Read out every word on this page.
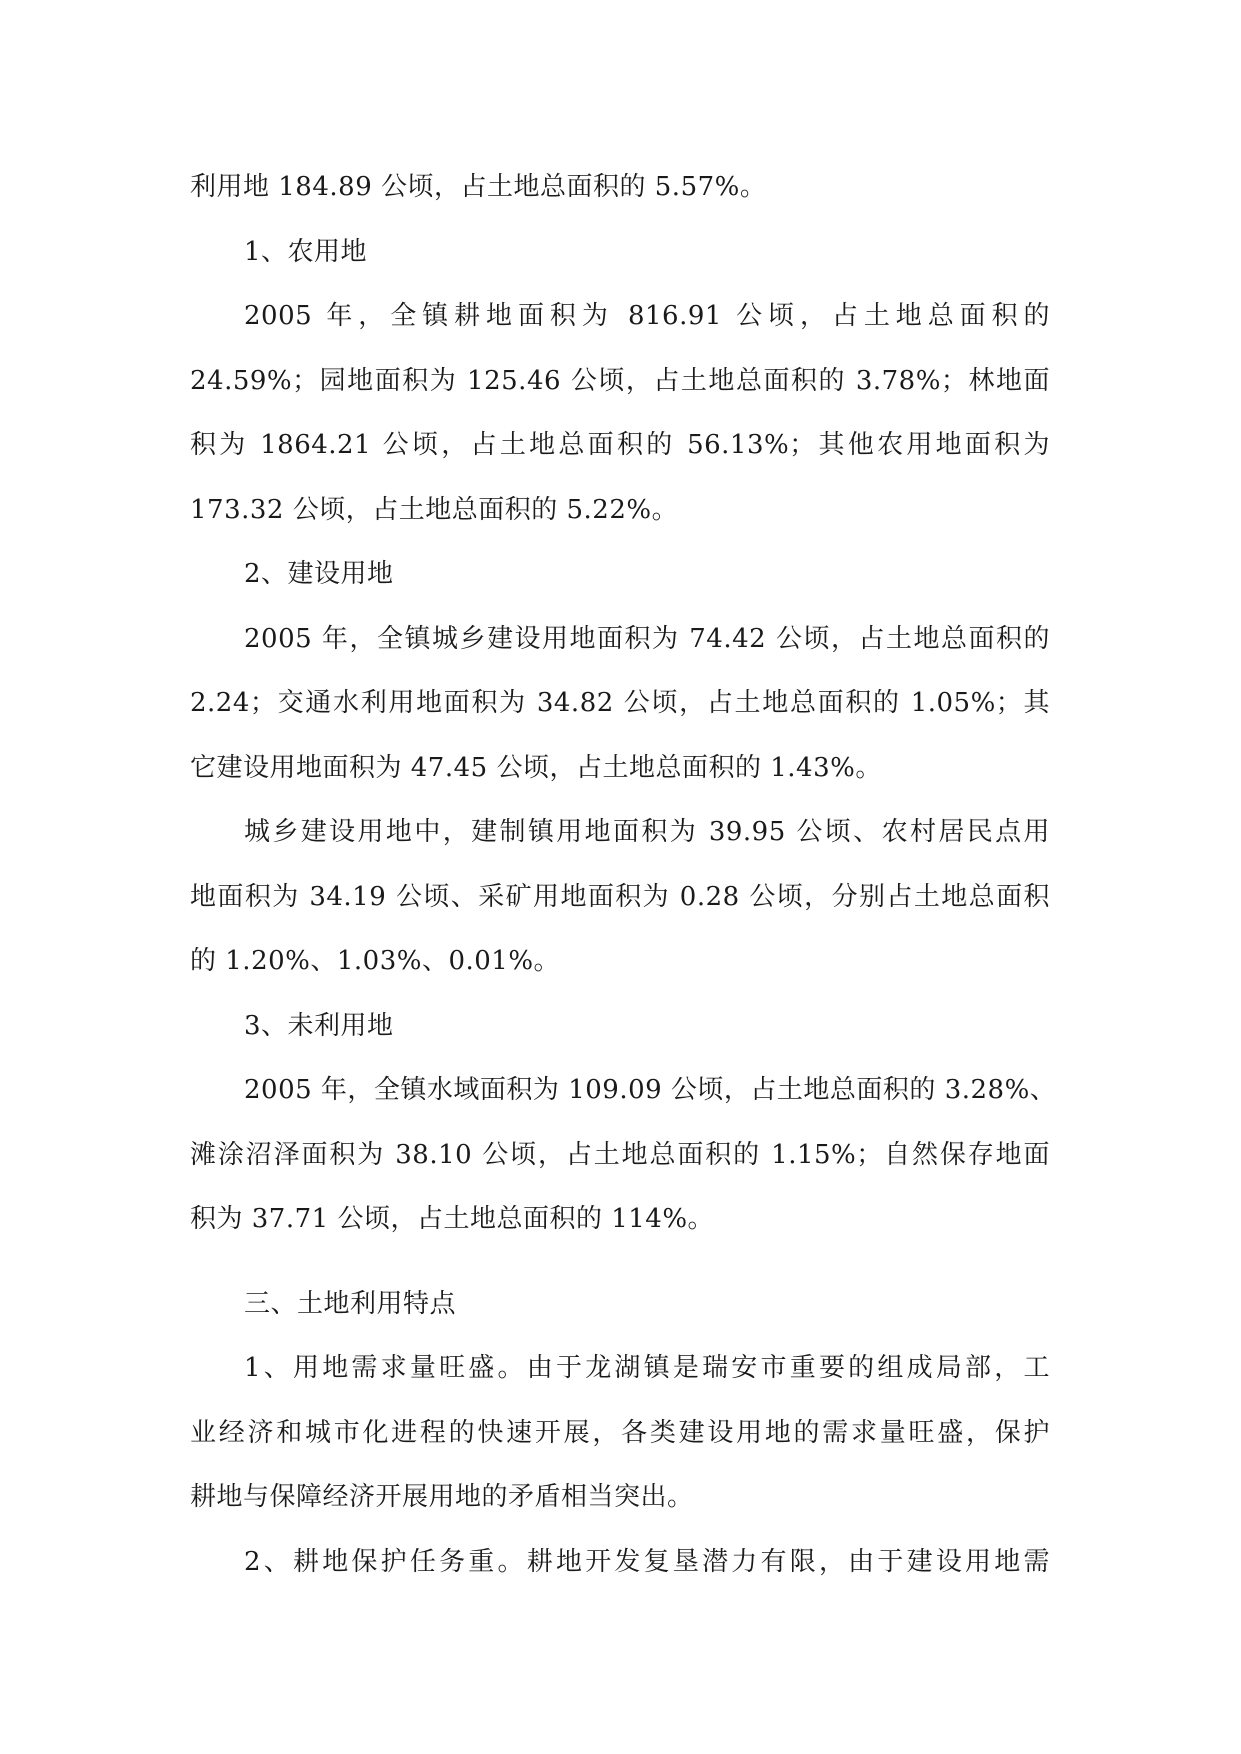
利用地 184.89 公顷，占土地总面积的 5.57%。
1、农用地
2005 年，全镇耕地面积为 816.91 公顷，占土地总面积的
24.59%；园地面积为 125.46 公顷，占土地总面积的 3.78%；林地面
积为 1864.21 公顷，占土地总面积的 56.13%；其他农用地面积为
173.32 公顷，占土地总面积的 5.22%。
2、建设用地
2005 年，全镇城乡建设用地面积为 74.42 公顷，占土地总面积的
2.24；交通水利用地面积为 34.82 公顷，占土地总面积的 1.05%；其
它建设用地面积为 47.45 公顷，占土地总面积的 1.43%。
城乡建设用地中，建制镇用地面积为 39.95 公顷、农村居民点用
地面积为 34.19 公顷、采矿用地面积为 0.28 公顷，分别占土地总面积
的 1.20%、1.03%、0.01%。
3、未利用地
2005 年，全镇水域面积为 109.09 公顷，占土地总面积的 3.28%、
滩涂沼泽面积为 38.10 公顷，占土地总面积的 1.15%；自然保存地面
积为 37.71 公顷，占土地总面积的 114%。
三、土地利用特点
1、用地需求量旺盛。由于龙湖镇是瑞安市重要的组成局部，工
业经济和城市化进程的快速开展，各类建设用地的需求量旺盛，保护
耕地与保障经济开展用地的矛盾相当突出。
2、耕地保护任务重。耕地开发复垦潜力有限，由于建设用地需
